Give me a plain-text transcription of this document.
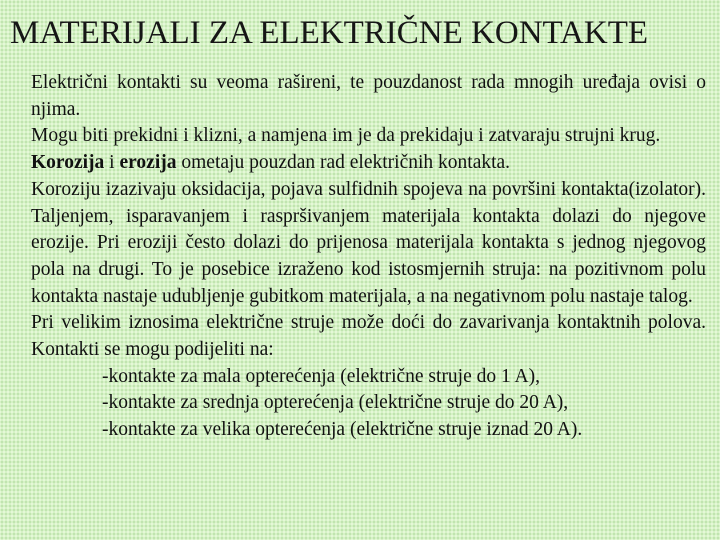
MATERIJALI ZA ELEKTRIČNE KONTAKTE

Električni kontakti su veoma rašireni, te pouzdanost rada mnogih uređaja ovisi o njima.

Mogu biti prekidni i klizni, a namjena im je da prekidaju i zatvaraju strujni krug.

Korozija i erozija ometaju pouzdan rad električnih kontakta.

Koroziju izazivaju oksidacija, pojava sulfidnih spojeva na površini kontakta(izolator). Taljenjem, isparavanjem i raspršivanjem materijala kontakta dolazi do njegove erozije. Pri eroziji često dolazi do prijenosa materijala kontakta s jednog njegovog pola na drugi. To je posebice izraženo kod istosmjernih struja: na pozitivnom polu kontakta nastaje udubljenje gubitkom materijala, a na negativnom polu nastaje talog.

Pri velikim iznosima električne struje može doći do zavarivanja kontaktnih polova. Kontakti se mogu podijeliti na:

-kontakte za mala opterećenja (električne struje do 1 A),
-kontakte za srednja opterećenja (električne struje do 20 A),
-kontakte za velika opterećenja (električne struje iznad 20 A).
